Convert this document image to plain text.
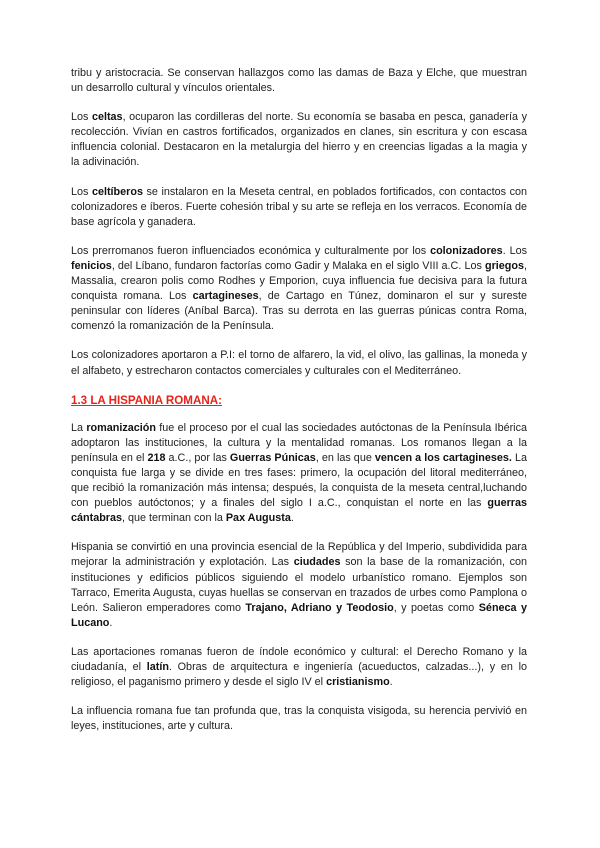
tribu y aristocracia. Se conservan hallazgos como las damas de Baza y Elche, que muestran un desarrollo cultural y vínculos orientales.

Los celtas, ocuparon las cordilleras del norte. Su economía se basaba en pesca, ganadería y recolección. Vivían en castros fortificados, organizados en clanes, sin escritura y con escasa influencia colonial. Destacaron en la metalurgia del hierro y en creencias ligadas a la magia y la adivinación.

Los celtíberos se instalaron en la Meseta central, en poblados fortificados, con contactos con colonizadores e íberos. Fuerte cohesión tribal y su arte se refleja en los verracos. Economía de base agrícola y ganadera.

Los prerromanos fueron influenciados económica y culturalmente por los colonizadores. Los fenicios, del Líbano, fundaron factorías como Gadir y Malaka en el siglo VIII a.C. Los griegos, Massalia, crearon polis como Rodhes y Emporion, cuya influencia fue decisiva para la futura conquista romana. Los cartagineses, de Cartago en Túnez, dominaron el sur y sureste peninsular con líderes (Aníbal Barca). Tras su derrota en las guerras púnicas contra Roma, comenzó la romanización de la Península.

Los colonizadores aportaron a P.I: el torno de alfarero, la vid, el olivo, las gallinas, la moneda y el alfabeto, y estrecharon contactos comerciales y culturales con el Mediterráneo.

1.3 LA HISPANIA ROMANA:

La romanización fue el proceso por el cual las sociedades autóctonas de la Península Ibérica adoptaron las instituciones, la cultura y la mentalidad romanas. Los romanos llegan a la península en el 218 a.C., por las Guerras Púnicas, en las que vencen a los cartagineses. La conquista fue larga y se divide en tres fases: primero, la ocupación del litoral mediterráneo, que recibió la romanización más intensa; después, la conquista de la meseta central,luchando con pueblos autóctonos; y a finales del siglo I a.C., conquistan el norte en las guerras cántabras, que terminan con la Pax Augusta.

Hispania se convirtió en una provincia esencial de la República y del Imperio, subdividida para mejorar la administración y explotación. Las ciudades son la base de la romanización, con instituciones y edificios públicos siguiendo el modelo urbanístico romano. Ejemplos son Tarraco, Emerita Augusta, cuyas huellas se conservan en trazados de urbes como Pamplona o León. Salieron emperadores como Trajano, Adriano y Teodosio, y poetas como Séneca y Lucano.

Las aportaciones romanas fueron de índole económico y cultural: el Derecho Romano y la ciudadanía, el latín. Obras de arquitectura e ingeniería (acueductos, calzadas...), y en lo religioso, el paganismo primero y desde el siglo IV el cristianismo.

La influencia romana fue tan profunda que, tras la conquista visigoda, su herencia pervivió en leyes, instituciones, arte y cultura.
